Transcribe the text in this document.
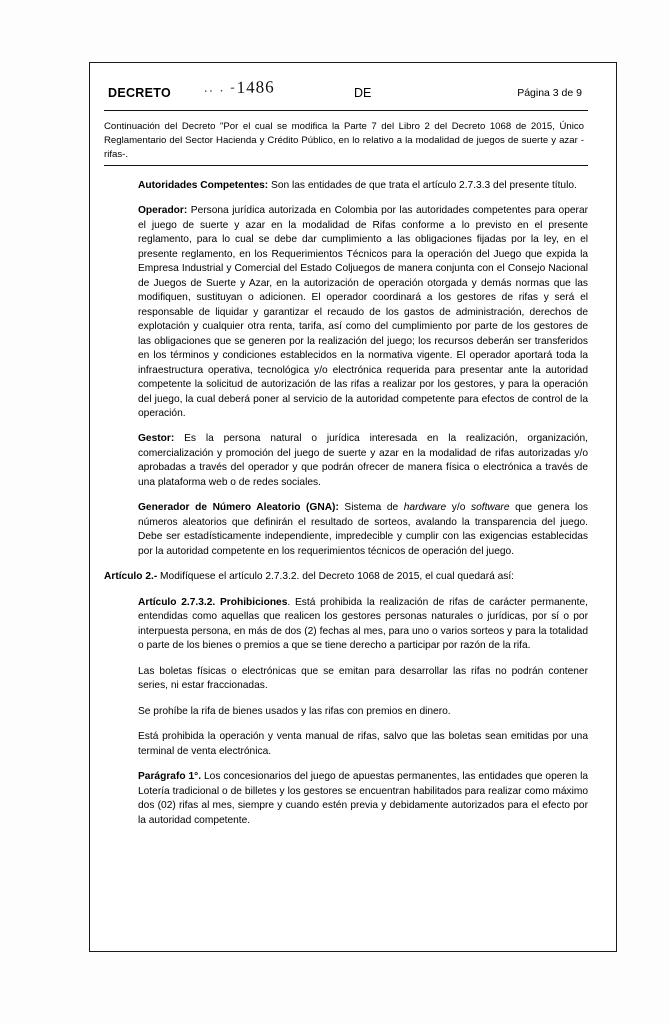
DECRETO	.. . -1486	DE	Página 3 de 9
Continuación del Decreto "Por el cual se modifica la Parte 7 del Libro 2 del Decreto 1068 de 2015, Único Reglamentario del Sector Hacienda y Crédito Público, en lo relativo a la modalidad de juegos de suerte y azar -rifas-.

Autoridades Competentes: Son las entidades de que trata el artículo 2.7.3.3 del presente título.

Operador: Persona jurídica autorizada en Colombia por las autoridades competentes para operar el juego de suerte y azar en la modalidad de Rifas conforme a lo previsto en el presente reglamento, para lo cual se debe dar cumplimiento a las obligaciones fijadas por la ley, en el presente reglamento, en los Requerimientos Técnicos para la operación del Juego que expida la Empresa Industrial y Comercial del Estado Coljuegos de manera conjunta con el Consejo Nacional de Juegos de Suerte y Azar, en la autorización de operación otorgada y demás normas que las modifiquen, sustituyan o adicionen. El operador coordinará a los gestores de rifas y será el responsable de liquidar y garantizar el recaudo de los gastos de administración, derechos de explotación y cualquier otra renta, tarifa, así como del cumplimiento por parte de los gestores de las obligaciones que se generen por la realización del juego; los recursos deberán ser transferidos en los términos y condiciones establecidos en la normativa vigente. El operador aportará toda la infraestructura operativa, tecnológica y/o electrónica requerida para presentar ante la autoridad competente la solicitud de autorización de las rifas a realizar por los gestores, y para la operación del juego, la cual deberá poner al servicio de la autoridad competente para efectos de control de la operación.

Gestor: Es la persona natural o jurídica interesada en la realización, organización, comercialización y promoción del juego de suerte y azar en la modalidad de rifas autorizadas y/o aprobadas a través del operador y que podrán ofrecer de manera física o electrónica a través de una plataforma web o de redes sociales.

Generador de Número Aleatorio (GNA): Sistema de hardware y/o software que genera los números aleatorios que definirán el resultado de sorteos, avalando la transparencia del juego. Debe ser estadísticamente independiente, impredecible y cumplir con las exigencias establecidas por la autoridad competente en los requerimientos técnicos de operación del juego.

Artículo 2.- Modifíquese el artículo 2.7.3.2. del Decreto 1068 de 2015, el cual quedará así:

Artículo 2.7.3.2. Prohibiciones. Está prohibida la realización de rifas de carácter permanente, entendidas como aquellas que realicen los gestores personas naturales o jurídicas, por sí o por interpuesta persona, en más de dos (2) fechas al mes, para uno o varios sorteos y para la totalidad o parte de los bienes o premios a que se tiene derecho a participar por razón de la rifa.

Las boletas físicas o electrónicas que se emitan para desarrollar las rifas no podrán contener series, ni estar fraccionadas.

Se prohíbe la rifa de bienes usados y las rifas con premios en dinero.

Está prohibida la operación y venta manual de rifas, salvo que las boletas sean emitidas por una terminal de venta electrónica.

Parágrafo 1°. Los concesionarios del juego de apuestas permanentes, las entidades que operen la Lotería tradicional o de billetes y los gestores se encuentran habilitados para realizar como máximo dos (02) rifas al mes, siempre y cuando estén previa y debidamente autorizados para el efecto por la autoridad competente.
